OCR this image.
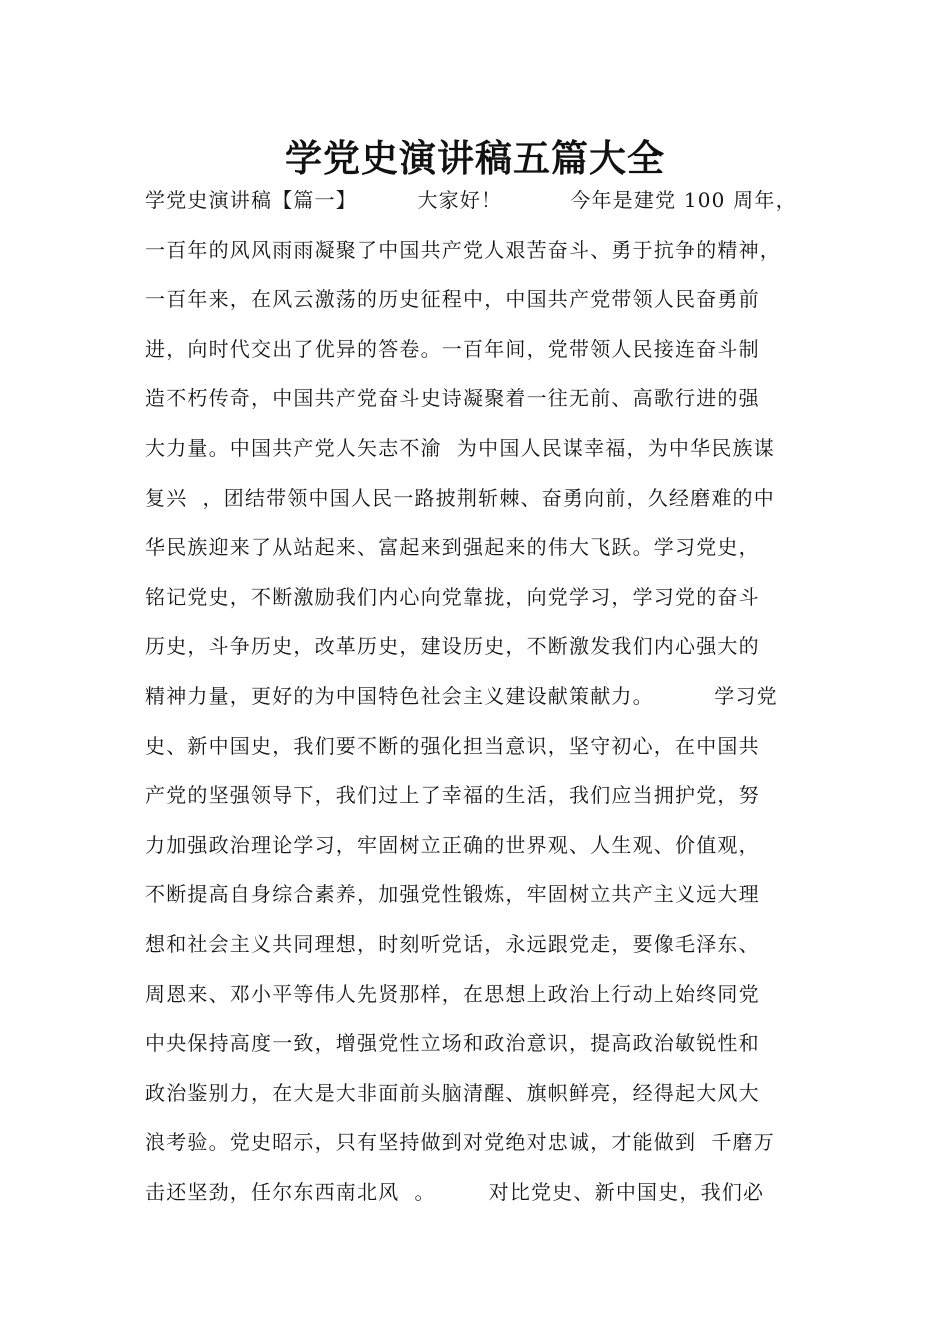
学党史演讲稿五篇大全
学党史演讲稿【篇一】        大家好！         今年是建党 100 周年，
一百年的风风雨雨凝聚了中国共产党人艰苦奋斗、勇于抗争的精神，
一百年来，在风云激荡的历史征程中，中国共产党带领人民奋勇前
进，向时代交出了优异的答卷。一百年间，党带领人民接连奋斗制
造不朽传奇，中国共产党奋斗史诗凝聚着一往无前、高歌行进的强
大力量。中国共产党人矢志不渝  为中国人民谋幸福，为中华民族谋
复兴  ，团结带领中国人民一路披荆斩棘、奋勇向前，久经磨难的中
华民族迎来了从站起来、富起来到强起来的伟大飞跃。学习党史，
铭记党史，不断激励我们内心向党靠拢，向党学习，学习党的奋斗
历史，斗争历史，改革历史，建设历史，不断激发我们内心强大的
精神力量，更好的为中国特色社会主义建设献策献力。        学习党
史、新中国史，我们要不断的强化担当意识，坚守初心，在中国共
产党的坚强领导下，我们过上了幸福的生活，我们应当拥护党，努
力加强政治理论学习，牢固树立正确的世界观、人生观、价值观，
不断提高自身综合素养，加强党性锻炼，牢固树立共产主义远大理
想和社会主义共同理想，时刻听党话，永远跟党走，要像毛泽东、
周恩来、邓小平等伟人先贤那样，在思想上政治上行动上始终同党
中央保持高度一致，增强党性立场和政治意识，提高政治敏锐性和
政治鉴别力，在大是大非面前头脑清醒、旗帜鲜亮，经得起大风大
浪考验。党史昭示，只有坚持做到对党绝对忠诚，才能做到  千磨万
击还坚劲，任尔东西南北风  。       对比党史、新中国史，我们必
